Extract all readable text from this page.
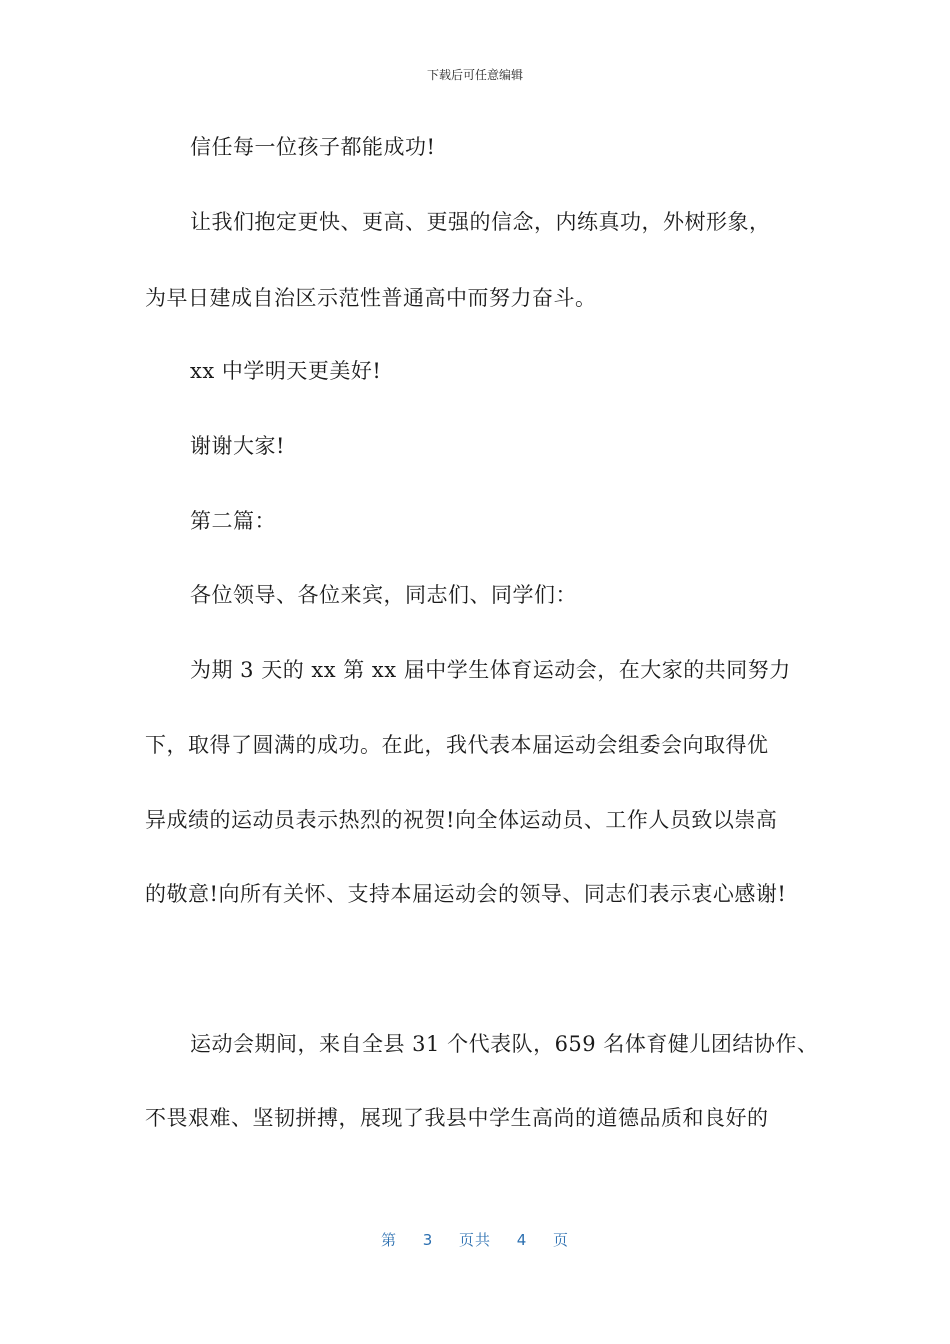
下载后可任意编辑
信任每一位孩子都能成功!
让我们抱定更快、更高、更强的信念，内练真功，外树形象，
为早日建成自治区示范性普通高中而努力奋斗。
xx 中学明天更美好!
谢谢大家!
第二篇：
各位领导、各位来宾，同志们、同学们：
为期 3 天的 xx 第 xx 届中学生体育运动会，在大家的共同努力
下，取得了圆满的成功。在此，我代表本届运动会组委会向取得优
异成绩的运动员表示热烈的祝贺!向全体运动员、工作人员致以崇高
的敬意!向所有关怀、支持本届运动会的领导、同志们表示衷心感谢!
运动会期间，来自全县 31 个代表队，659 名体育健儿团结协作、
不畏艰难、坚韧拼搏，展现了我县中学生高尚的道德品质和良好的
第 3 页共 4 页
